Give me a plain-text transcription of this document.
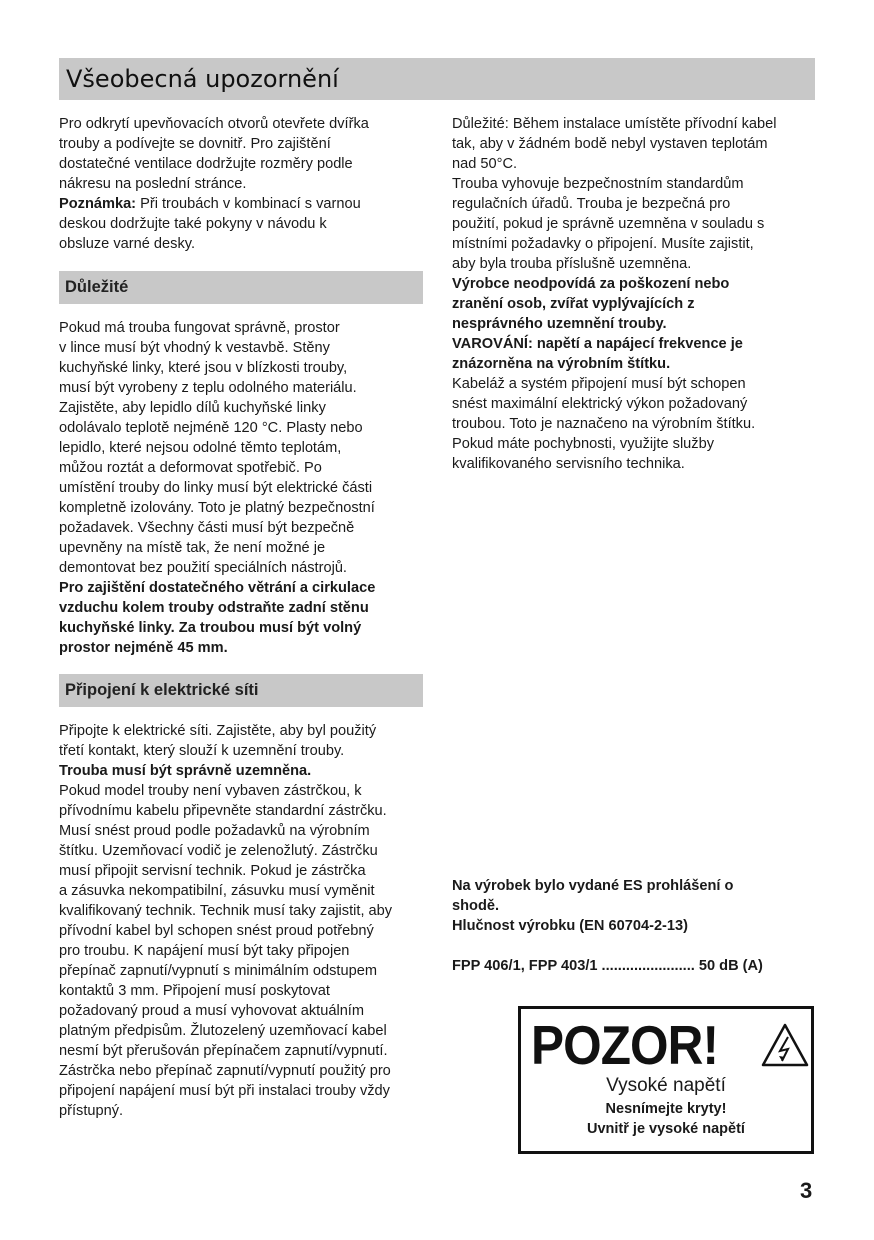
Všeobecná upozornění

Pro odkrytí upevňovacích otvorů otevřete dvířka
trouby a podívejte se dovnitř. Pro zajištění
dostatečné ventilace dodržujte rozměry podle
nákresu na poslední stránce.
Poznámka: Při troubách v kombinací s varnou
deskou dodržujte také pokyny v návodu k
obsluze varné desky.

Důležité

Pokud má trouba fungovat správně, prostor
v lince musí být vhodný k vestavbě. Stěny
kuchyňské linky, které jsou v blízkosti trouby,
musí být vyrobeny z teplu odolného materiálu.
Zajistěte, aby lepidlo dílů kuchyňské linky
odolávalo teplotě nejméně 120 °C. Plasty nebo
lepidlo, které nejsou odolné těmto teplotám,
můžou roztát a deformovat spotřebič. Po
umístění trouby do linky musí být elektrické části
kompletně izolovány. Toto je platný bezpečnostní
požadavek. Všechny části musí být bezpečně
upevněny na místě tak, že není možné je
demontovat bez použití speciálních nástrojů.

Pro zajištění dostatečného větrání a cirkulace
vzduchu kolem trouby odstraňte zadní stěnu
kuchyňské linky. Za troubou musí být volný
prostor nejméně 45 mm.

Připojení k elektrické síti

Připojte k elektrické síti. Zajistěte, aby byl použitý
třetí kontakt, který slouží k uzemnění trouby.

Trouba musí být správně uzemněna.

Pokud model trouby není vybaven zástrčkou, k
přívodnímu kabelu připevněte standardní zástrčku.
Musí snést proud podle požadavků na výrobním
štítku. Uzemňovací vodič je zelenožlutý. Zástrčku
musí připojit servisní technik. Pokud je zástrčka
a zásuvka nekompatibilní, zásuvku musí vyměnit
kvalifikovaný technik. Technik musí taky zajistit, aby
přívodní kabel byl schopen snést proud potřebný
pro troubu. K napájení musí být taky připojen
přepínač zapnutí/vypnutí s minimálním odstupem
kontaktů 3 mm. Připojení musí poskytovat
požadovaný proud a musí vyhovovat aktuálním
platným předpisům. Žlutozelený uzemňovací kabel
nesmí být přerušován přepínačem zapnutí/vypnutí.
Zástrčka nebo přepínač zapnutí/vypnutí použitý pro
připojení napájení musí být při instalaci trouby vždy
přístupný.

Důležité: Během instalace umístěte přívodní kabel
tak, aby v žádném bodě nebyl vystaven teplotám
nad 50°C.
Trouba vyhovuje bezpečnostním standardům
regulačních úřadů. Trouba je bezpečná pro
použití, pokud je správně uzemněna v souladu s
místními požadavky o připojení. Musíte zajistit,
aby byla trouba příslušně uzemněna.

Výrobce neodpovídá za poškození nebo
zranění osob, zvířat vyplývajících z
nesprávného uzemnění trouby.
VAROVÁNÍ: napětí a napájecí frekvence je
znázorněna na výrobním štítku.

Kabeláž a systém připojení musí být schopen
snést maximální elektrický výkon požadovaný
troubou. Toto je naznačeno na výrobním štítku.
Pokud máte pochybnosti, využijte služby
kvalifikovaného servisního technika.

Na výrobek bylo vydané ES prohlášení o
shodě.
Hlučnost výrobku (EN 60704-2-13)

FPP 406/1, FPP 403/1 ....................... 50 dB (A)

POZOR!
Vysoké napětí
Nesnímejte kryty!
Uvnitř je vysoké napětí
3
